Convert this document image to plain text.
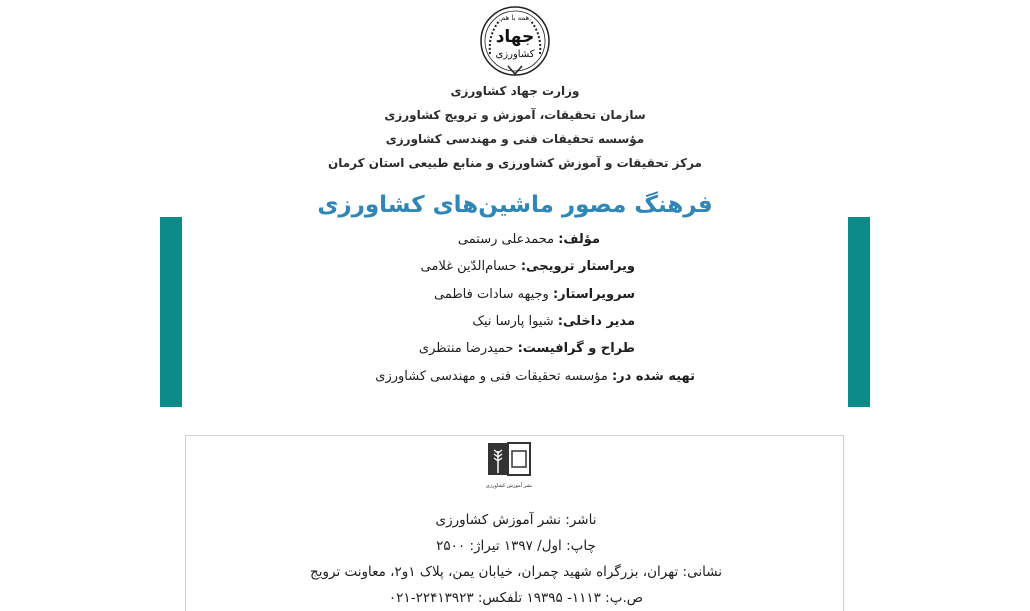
همه با هم
جهاد
کشاورزی
وزارت جهاد کشاورزی
سازمان تحقیقات، آموزش و ترویج کشاورزی
مؤسسه تحقیقات فنی و مهندسی کشاورزی
مرکز تحقیقات و آموزش کشاورزی و منابع طبیعی استان کرمان
فرهنگ مصور ماشین‌های کشاورزی
مؤلف: محمدعلی رستمی
ویراستار ترویجی: حسام‌الدّین غلامی
سرویراستار: وجیهه سادات فاطمی
مدیر داخلی: شیوا پارسا نیک
طراح و گرافیست: حمیدرضا منتظری
تهیه شده در: مؤسسه تحقیقات فنی و مهندسی کشاورزی
نشر آموزش کشاورزی
ناشر: نشر آموزش کشاورزی
چاپ: اول/ ۱۳۹۷ تیراژ: ۲۵۰۰
نشانی: تهران، بزرگراه شهید چمران، خیابان یمن، پلاک ۱و۲، معاونت ترویج
ص.پ: ۱۱۱۳- ۱۹۳۹۵ تلفکس: ۲۲۴۱۳۹۲۳-۰۲۱
